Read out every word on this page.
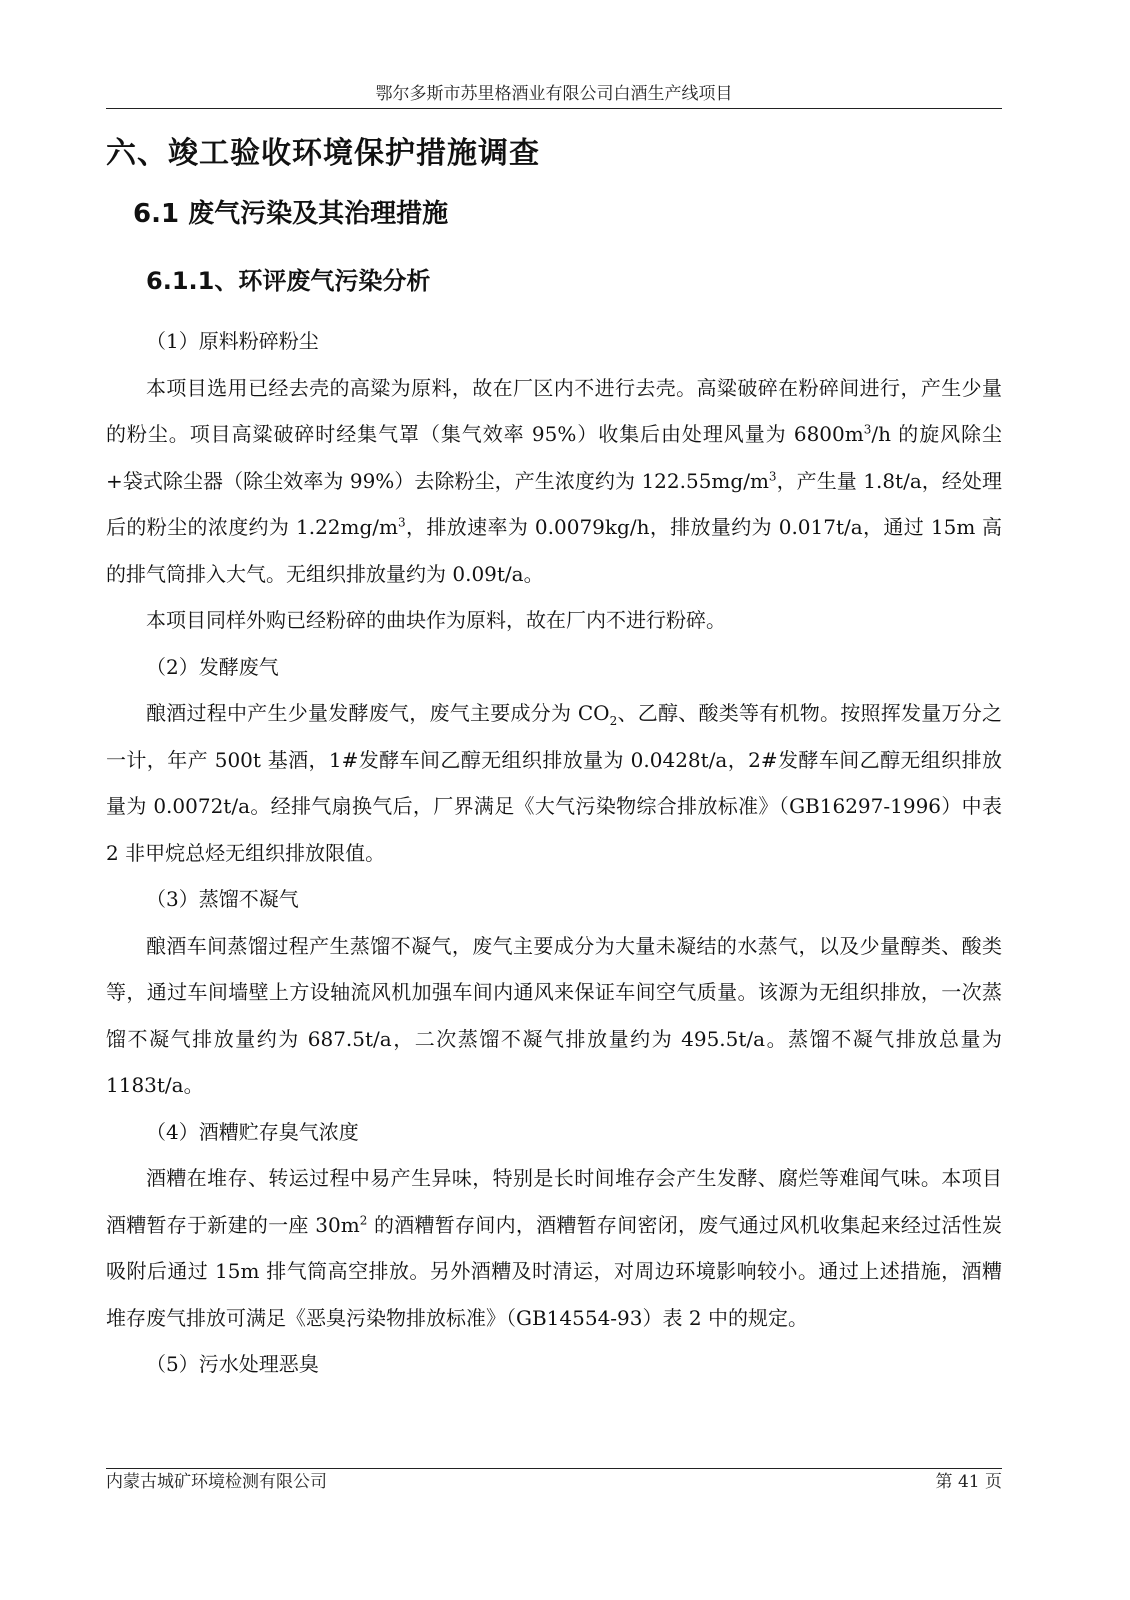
鄂尔多斯市苏里格酒业有限公司白酒生产线项目
六、竣工验收环境保护措施调查
6.1 废气污染及其治理措施
6.1.1、环评废气污染分析

（1）原料粉碎粉尘

本项目选用已经去壳的高粱为原料，故在厂区内不进行去壳。高粱破碎在粉碎间进行，产生少量的粉尘。项目高粱破碎时经集气罩（集气效率 95%）收集后由处理风量为 $6800m^3/h$ 的旋风除尘+袋式除尘器（除尘效率为 99%）去除粉尘，产生浓度约为 $122.55mg/m^3$，产生量 1.8t/a，经处理后的粉尘的浓度约为 $1.22mg/m^3$，排放速率为 0.0079kg/h，排放量约为 0.017t/a，通过 15m 高的排气筒排入大气。无组织排放量约为 0.09t/a。

本项目同样外购已经粉碎的曲块作为原料，故在厂内不进行粉碎。

（2）发酵废气

酿酒过程中产生少量发酵废气，废气主要成分为 $CO_2$、乙醇、酸类等有机物。按照挥发量万分之一计，年产 500t 基酒，1#发酵车间乙醇无组织排放量为 0.0428t/a，2#发酵车间乙醇无组织排放量为 0.0072t/a。经排气扇换气后，厂界满足《大气污染物综合排放标准》（GB16297-1996）中表 2 非甲烷总烃无组织排放限值。

（3）蒸馏不凝气

酿酒车间蒸馏过程产生蒸馏不凝气，废气主要成分为大量未凝结的水蒸气，以及少量醇类、酸类等，通过车间墙壁上方设轴流风机加强车间内通风来保证车间空气质量。该源为无组织排放，一次蒸馏不凝气排放量约为 687.5t/a，二次蒸馏不凝气排放量约为 495.5t/a。蒸馏不凝气排放总量为 1183t/a。

（4）酒糟贮存臭气浓度

酒糟在堆存、转运过程中易产生异味，特别是长时间堆存会产生发酵、腐烂等难闻气味。本项目酒糟暂存于新建的一座 $30m^2$ 的酒糟暂存间内，酒糟暂存间密闭，废气通过风机收集起来经过活性炭吸附后通过 15m 排气筒高空排放。另外酒糟及时清运，对周边环境影响较小。通过上述措施，酒糟堆存废气排放可满足《恶臭污染物排放标准》（GB14554-93）表 2 中的规定。

（5）污水处理恶臭

内蒙古城矿环境检测有限公司	第 41 页
